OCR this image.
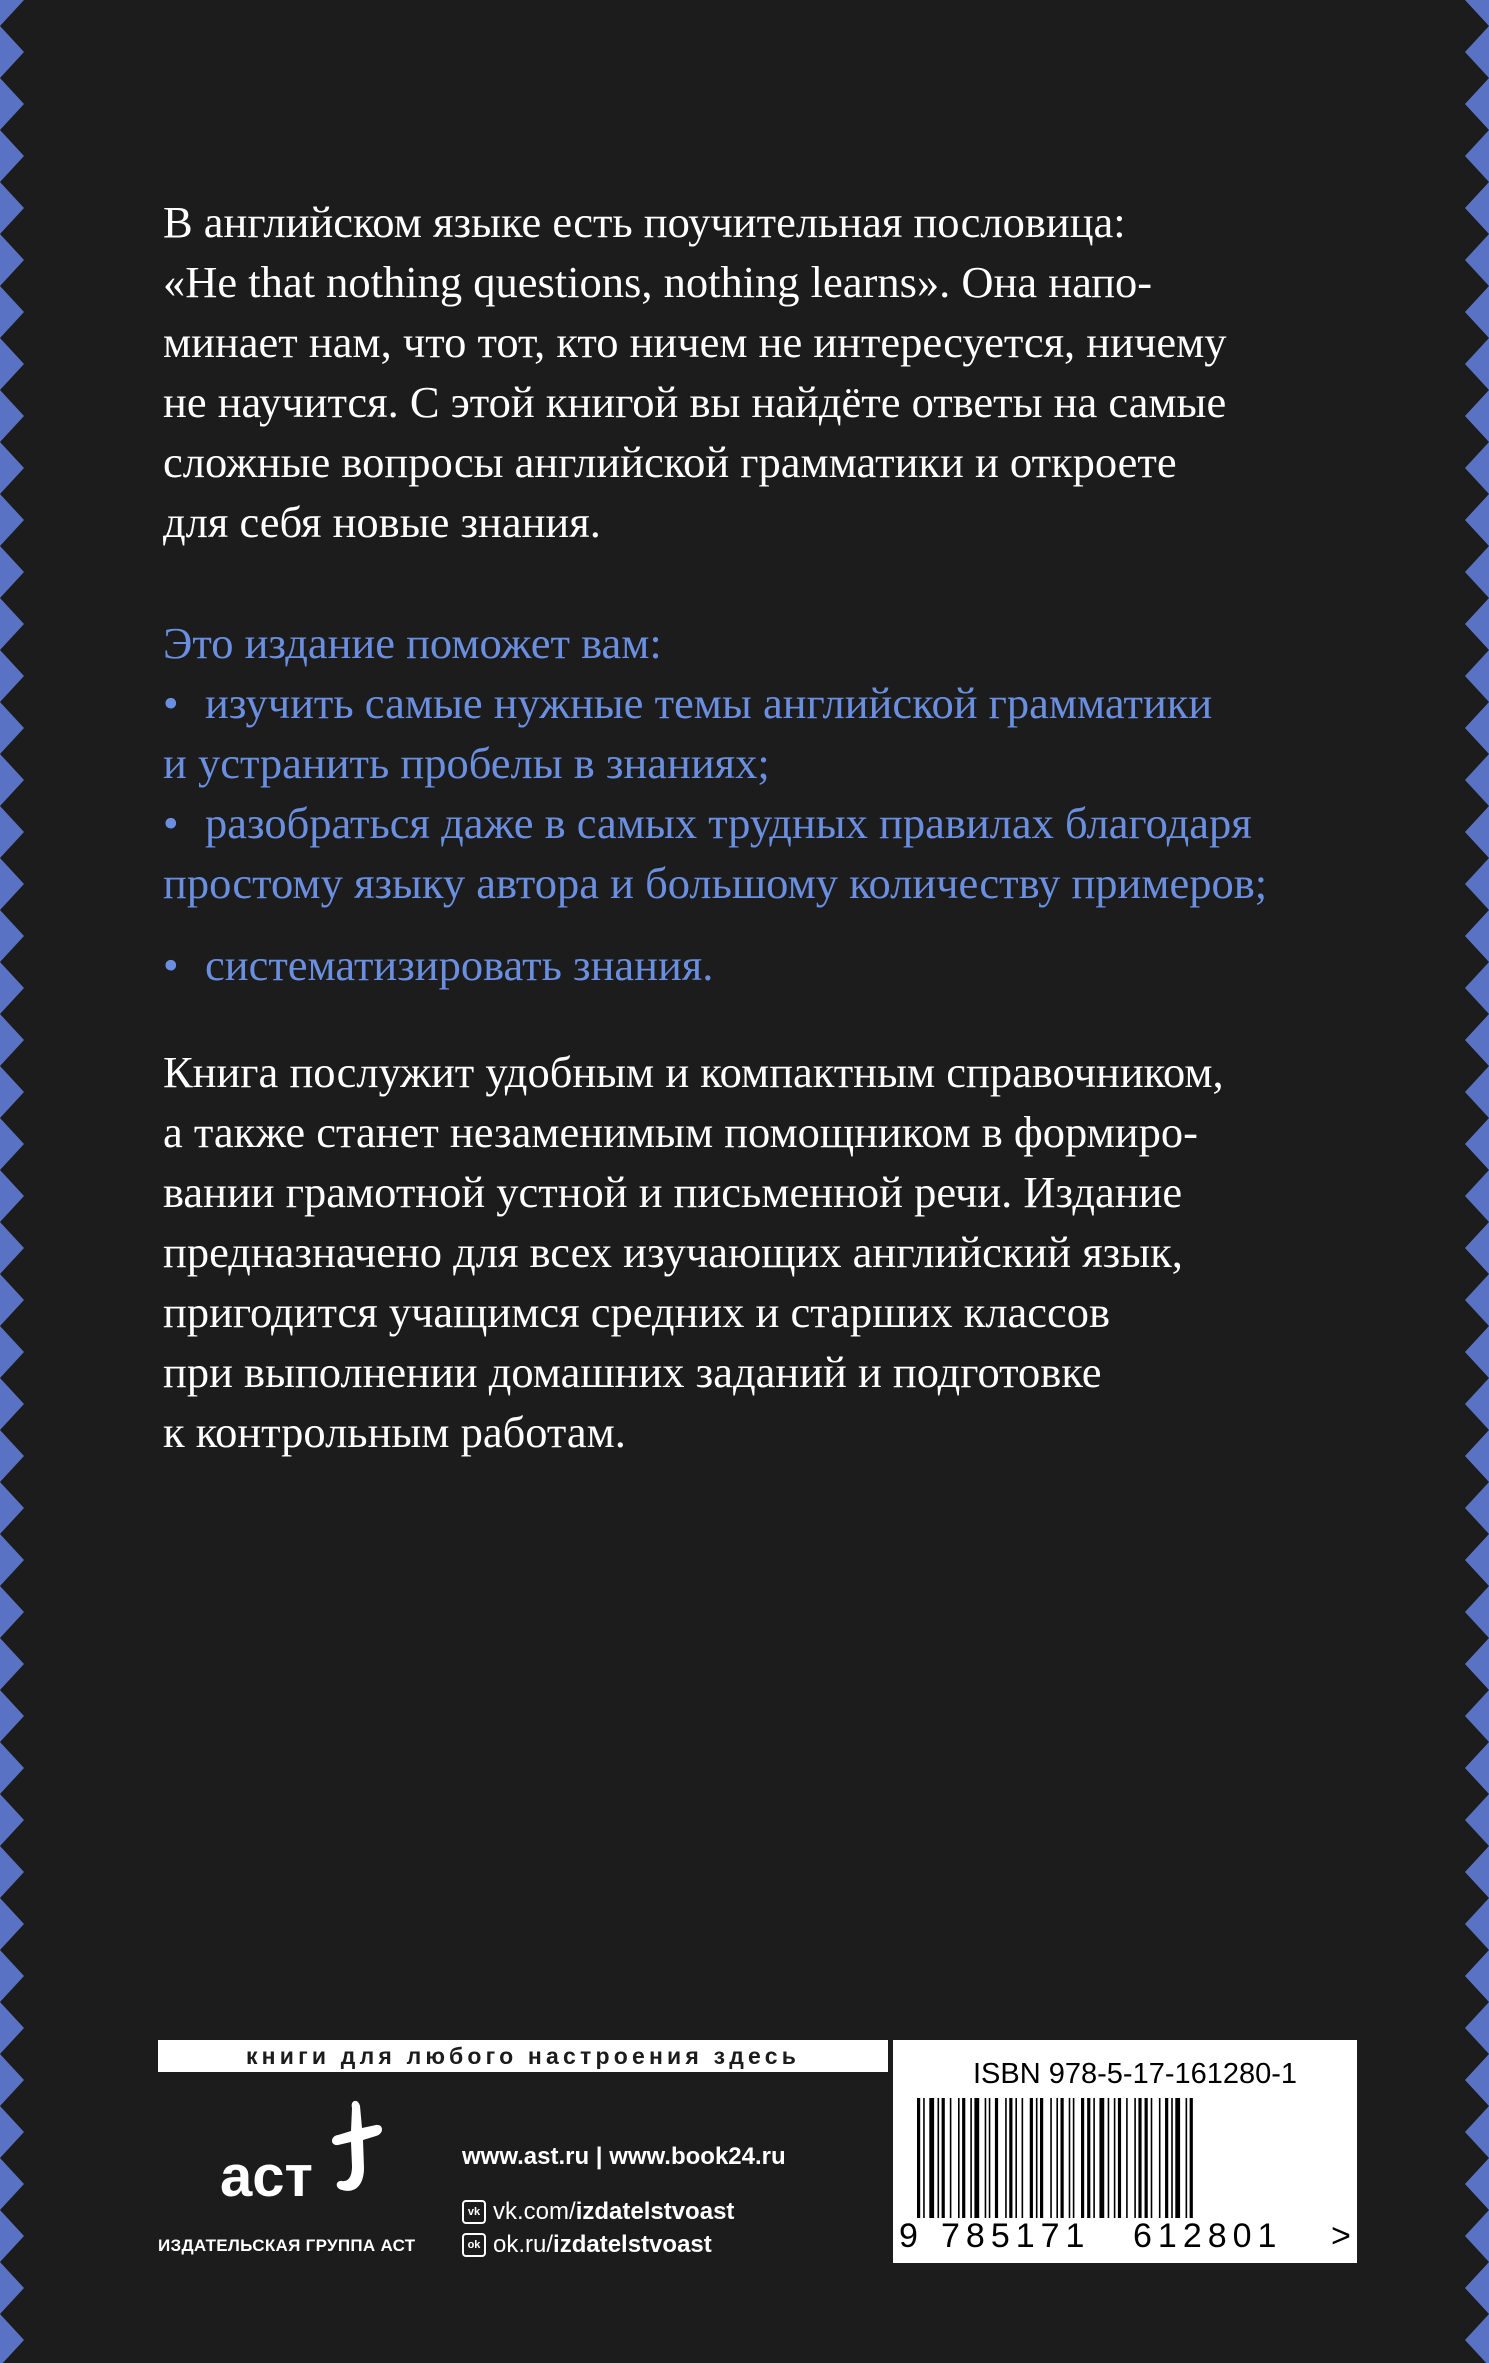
В английском языке есть поучительная пословица:
«He that nothing questions, nothing learns». Она напо-
минает нам, что тот, кто ничем не интересуется, ничему
не научится. С этой книгой вы найдёте ответы на самые
сложные вопросы английской грамматики и откроете
для себя новые знания.

Это издание поможет вам:
• изучить самые нужные темы английской грамматики
и устранить пробелы в знаниях;
• разобраться даже в самых трудных правилах благодаря
простому языку автора и большому количеству примеров;
• систематизировать знания.

Книга послужит удобным и компактным справочником,
а также станет незаменимым помощником в формиро-
вании грамотной устной и письменной речи. Издание
предназначено для всех изучающих английский язык,
пригодится учащимся средних и старших классов
при выполнении домашних заданий и подготовке
к контрольным работам.

книги для любого настроения здесь
аст
ИЗДАТЕЛЬСКАЯ ГРУППА АСТ
www.ast.ru | www.book24.ru
vk vk.com/ izdatelstvoast
ok ok.ru/ izdatelstvoast
ISBN 978-5-17-161280-1
9 785171 612801 >
